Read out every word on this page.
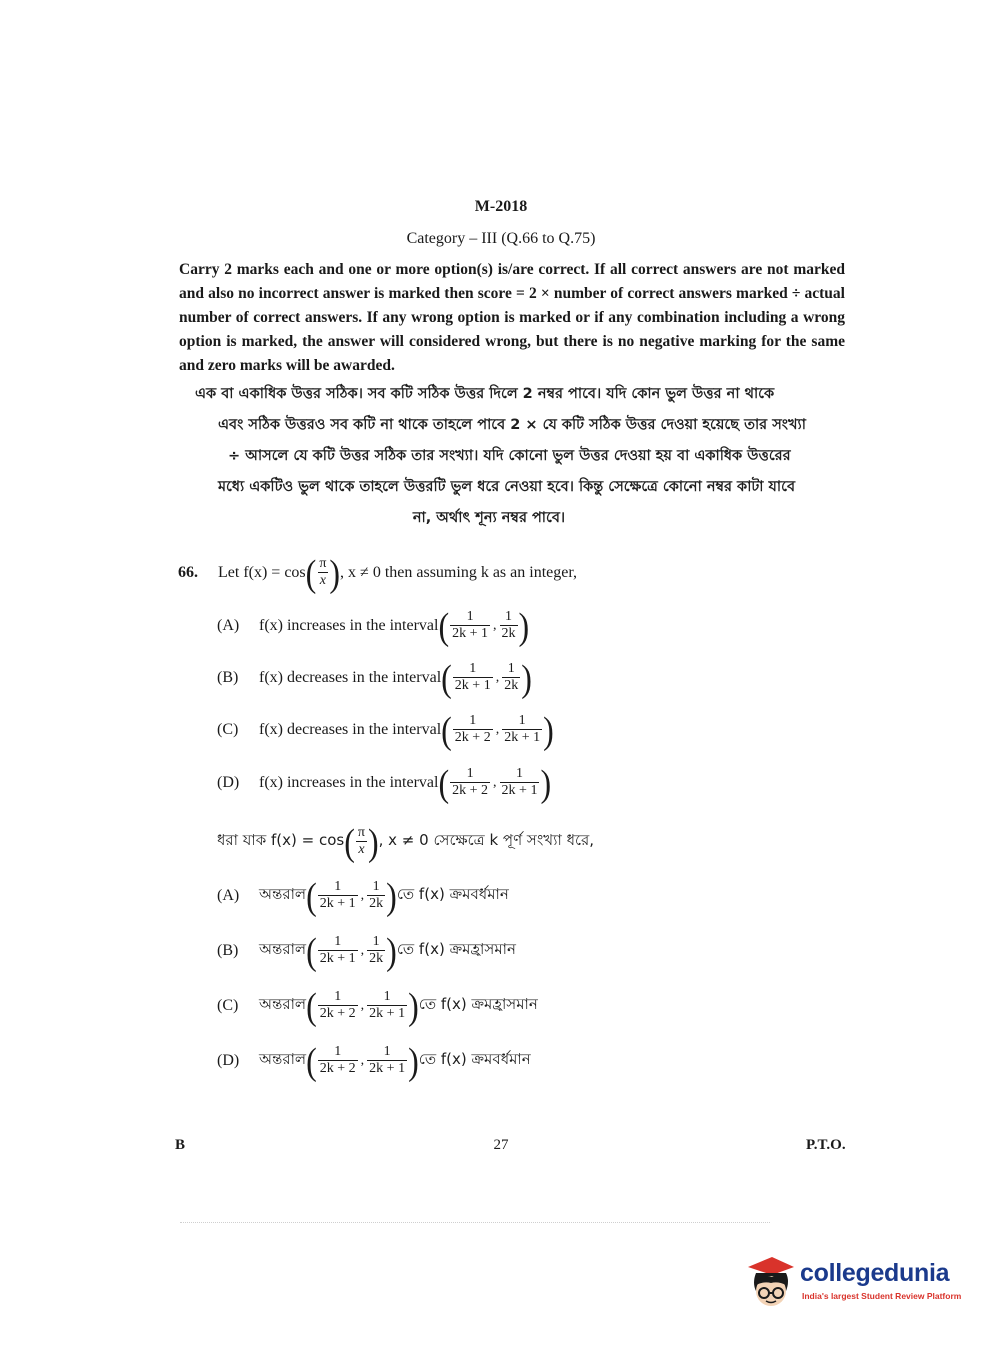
M-2018
Category – III (Q.66 to Q.75)
Carry 2 marks each and one or more option(s) is/are correct. If all correct answers are not marked and also no incorrect answer is marked then score = 2 × number of correct answers marked ÷ actual number of correct answers. If any wrong option is marked or if any combination including a wrong option is marked, the answer will considered wrong, but there is no negative marking for the same and zero marks will be awarded.
এক বা একাধিক উত্তর সঠিক। সব কটি সঠিক উত্তর দিলে 2 নম্বর পাবে। যদি কোন ভুল উত্তর না থাকে
এবং সঠিক উত্তরও সব কটি না থাকে তাহলে পাবে 2 × যে কটি সঠিক উত্তর দেওয়া হয়েছে তার সংখ্যা
÷ আসলে যে কটি উত্তর সঠিক তার সংখ্যা। যদি কোনো ভুল উত্তর দেওয়া হয় বা একাধিক উত্তরের
মধ্যে একটিও ভুল থাকে তাহলে উত্তরটি ভুল ধরে নেওয়া হবে। কিন্তু সেক্ষেত্রে কোনো নম্বর কাটা যাবে
না, অর্থাৎ শূন্য নম্বর পাবে।
66.	Let f(x) = cos ( $\frac{\pi}{x}$ ) , x ≠ 0 then assuming k as an integer,
(A)	f(x) increases in the interval ( $\frac{1}{2k + 1}$ , $\frac{1}{2k}$ )
(B)	f(x) decreases in the interval ( $\frac{1}{2k + 1}$ , $\frac{1}{2k}$ )
(C)	f(x) decreases in the interval ( $\frac{1}{2k + 2}$ , $\frac{1}{2k + 1}$ )
(D)	f(x) increases in the interval ( $\frac{1}{2k + 2}$ , $\frac{1}{2k + 1}$ )
ধরা যাক f(x) = cos ( $\frac{\pi}{x}$ ) , x ≠ 0 সেক্ষেত্রে k পূর্ণ সংখ্যা ধরে,
(A)	অন্তরাল ( $\frac{1}{2k + 1}$ , $\frac{1}{2k}$ ) তে f(x) ক্রমবর্ধমান
(B)	অন্তরাল ( $\frac{1}{2k + 1}$ , $\frac{1}{2k}$ ) তে f(x) ক্রমহ্রাসমান
(C)	অন্তরাল ( $\frac{1}{2k + 2}$ , $\frac{1}{2k + 1}$ ) তে f(x) ক্রমহ্রাসমান
(D)	অন্তরাল ( $\frac{1}{2k + 2}$ , $\frac{1}{2k + 1}$ ) তে f(x) ক্রমবর্ধমান
B	27	P.T.O.
collegedunia
India's largest Student Review Platform
